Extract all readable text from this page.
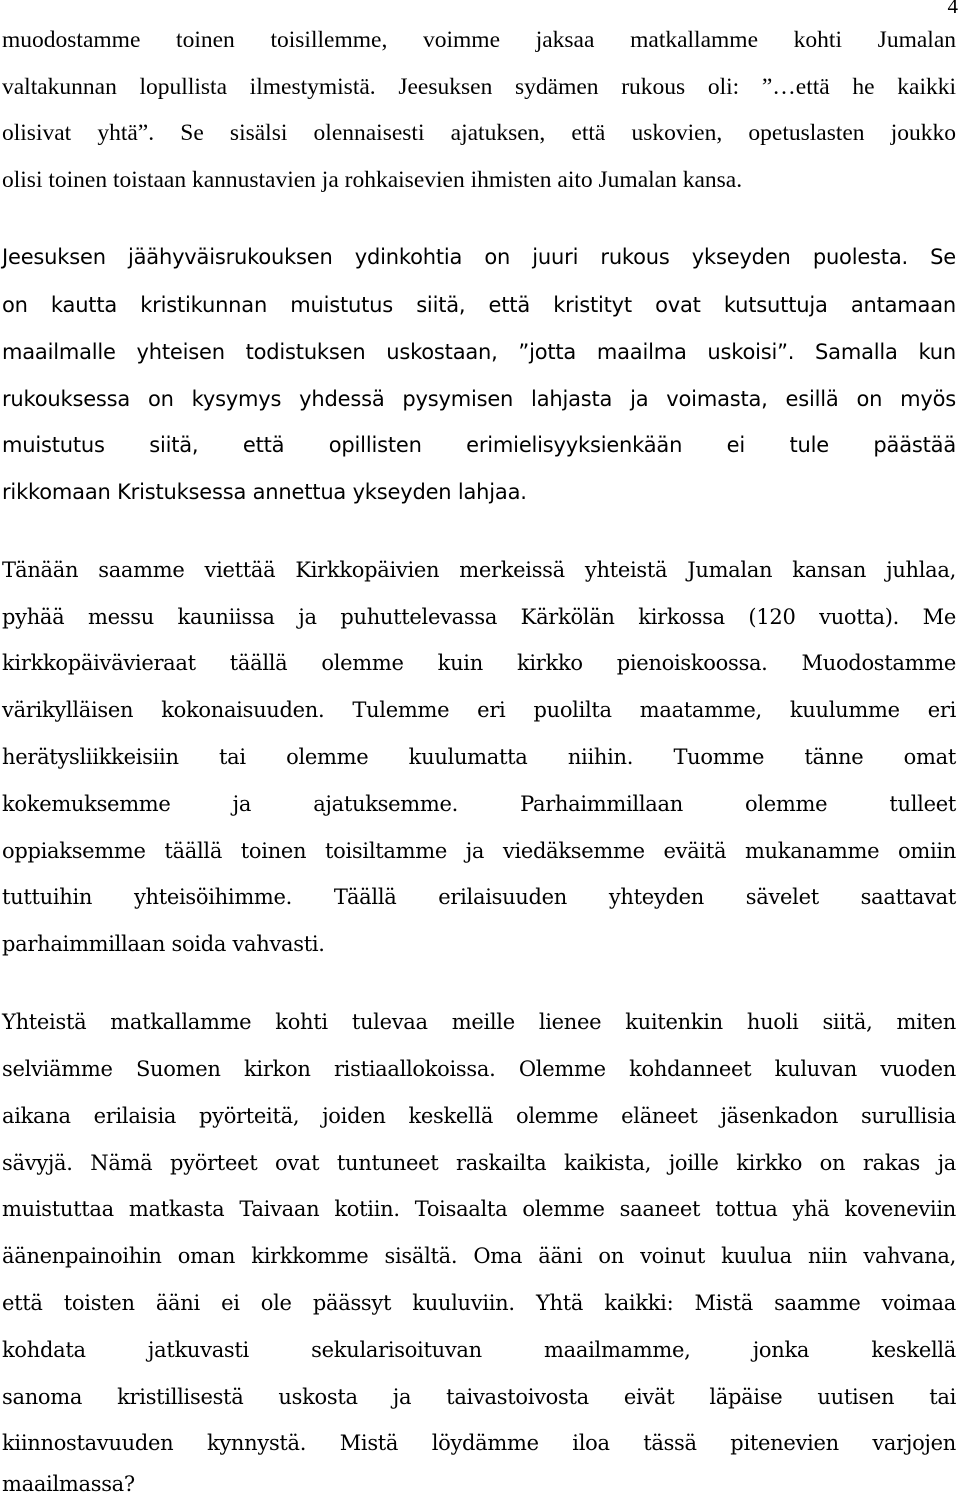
4
muodostamme toinen toisillemme, voimme jaksaa matkallamme kohti Jumalan
valtakunnan lopullista ilmestymistä. Jeesuksen sydämen rukous oli: ”…että he kaikki
olisivat yhtä”. Se sisälsi olennaisesti ajatuksen, että uskovien, opetuslasten joukko
olisi toinen toistaan kannustavien ja rohkaisevien ihmisten aito Jumalan kansa.
Jeesuksen jäähyväisrukouksen ydinkohtia on juuri rukous ykseyden puolesta. Se
on kautta kristikunnan muistutus siitä, että kristityt ovat kutsuttuja antamaan
maailmalle yhteisen todistuksen uskostaan, ”jotta maailma uskoisi”. Samalla kun
rukouksessa on kysymys yhdessä pysymisen lahjasta ja voimasta, esillä on myös
muistutus siitä, että opillisten erimielisyyksienkään ei tule päästää
rikkomaan Kristuksessa annettua ykseyden lahjaa.
Tänään saamme viettää Kirkkopäivien merkeissä yhteistä Jumalan kansan juhlaa,
pyhää messu kauniissa ja puhuttelevassa Kärkölän kirkossa (120 vuotta). Me
kirkkopäivävieraat täällä olemme kuin kirkko pienoiskoossa. Muodostamme
värikylläisen kokonaisuuden. Tulemme eri puolilta maatamme, kuulumme eri
herätysliikkeisiin tai olemme kuulumatta niihin. Tuomme tänne omat
kokemuksemme ja ajatuksemme. Parhaimmillaan olemme tulleet
oppiaksemme täällä toinen toisiltamme ja viedäksemme eväitä mukanamme omiin
tuttuihin yhteisöihimme. Täällä erilaisuuden yhteyden sävelet saattavat
parhaimmillaan soida vahvasti.
Yhteistä matkallamme kohti tulevaa meille lienee kuitenkin huoli siitä, miten
selviämme Suomen kirkon ristiaallokoissa. Olemme kohdanneet kuluvan vuoden
aikana erilaisia pyörteitä, joiden keskellä olemme eläneet jäsenkadon surullisia
sävyjä. Nämä pyörteet ovat tuntuneet raskailta kaikista, joille kirkko on rakas ja
muistuttaa matkasta Taivaan kotiin. Toisaalta olemme saaneet tottua yhä koveneviin
äänenpainoihin oman kirkkomme sisältä. Oma ääni on voinut kuulua niin vahvana,
että toisten ääni ei ole päässyt kuuluviin. Yhtä kaikki: Mistä saamme voimaa
kohdata jatkuvasti sekularisoituvan maailmamme, jonka keskellä
sanoma kristillisestä uskosta ja taivastoivosta eivät läpäise uutisen tai
kiinnostavuuden kynnystä. Mistä löydämme iloa tässä pitenevien varjojen
maailmassa?
